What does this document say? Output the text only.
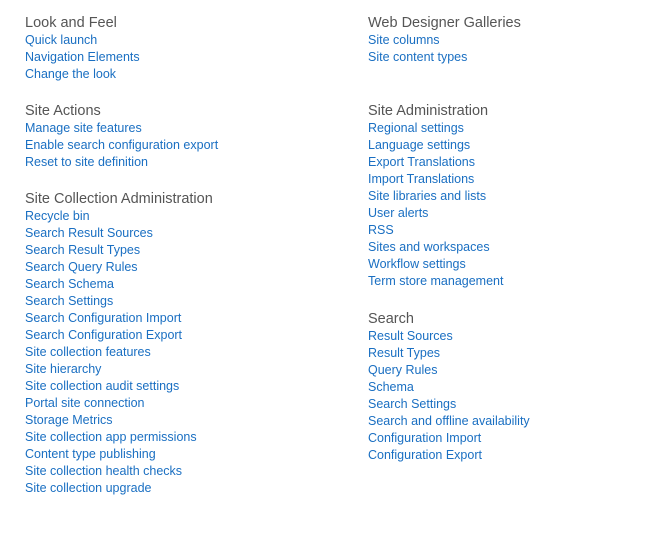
Look and Feel
Quick launch
Navigation Elements
Change the look
Site Actions
Manage site features
Enable search configuration export
Reset to site definition
Site Collection Administration
Recycle bin
Search Result Sources
Search Result Types
Search Query Rules
Search Schema
Search Settings
Search Configuration Import
Search Configuration Export
Site collection features
Site hierarchy
Site collection audit settings
Portal site connection
Storage Metrics
Site collection app permissions
Content type publishing
Site collection health checks
Site collection upgrade
Web Designer Galleries
Site columns
Site content types
Site Administration
Regional settings
Language settings
Export Translations
Import Translations
Site libraries and lists
User alerts
RSS
Sites and workspaces
Workflow settings
Term store management
Search
Result Sources
Result Types
Query Rules
Schema
Search Settings
Search and offline availability
Configuration Import
Configuration Export
